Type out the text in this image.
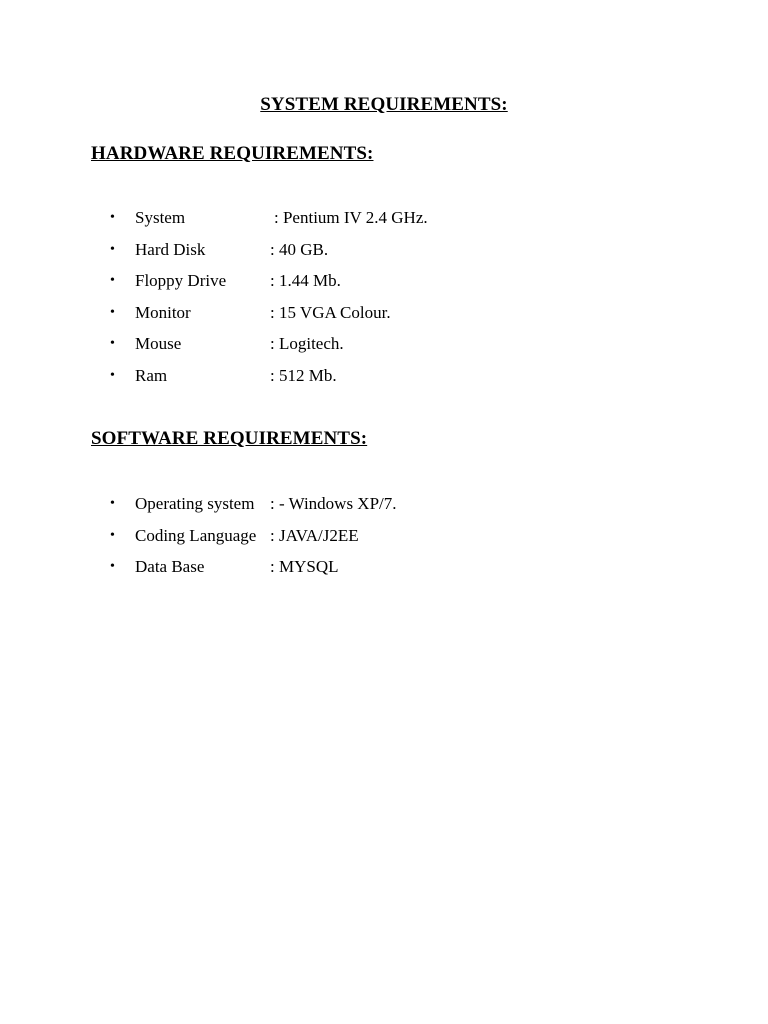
SYSTEM REQUIREMENTS:
HARDWARE REQUIREMENTS:
• System	: Pentium IV 2.4 GHz.
• Hard Disk	: 40 GB.
• Floppy Drive	: 1.44 Mb.
• Monitor	: 15 VGA Colour.
• Mouse	: Logitech.
• Ram	: 512 Mb.
SOFTWARE REQUIREMENTS:
• Operating system : - Windows XP/7.
• Coding Language : JAVA/J2EE
• Data Base	: MYSQL
